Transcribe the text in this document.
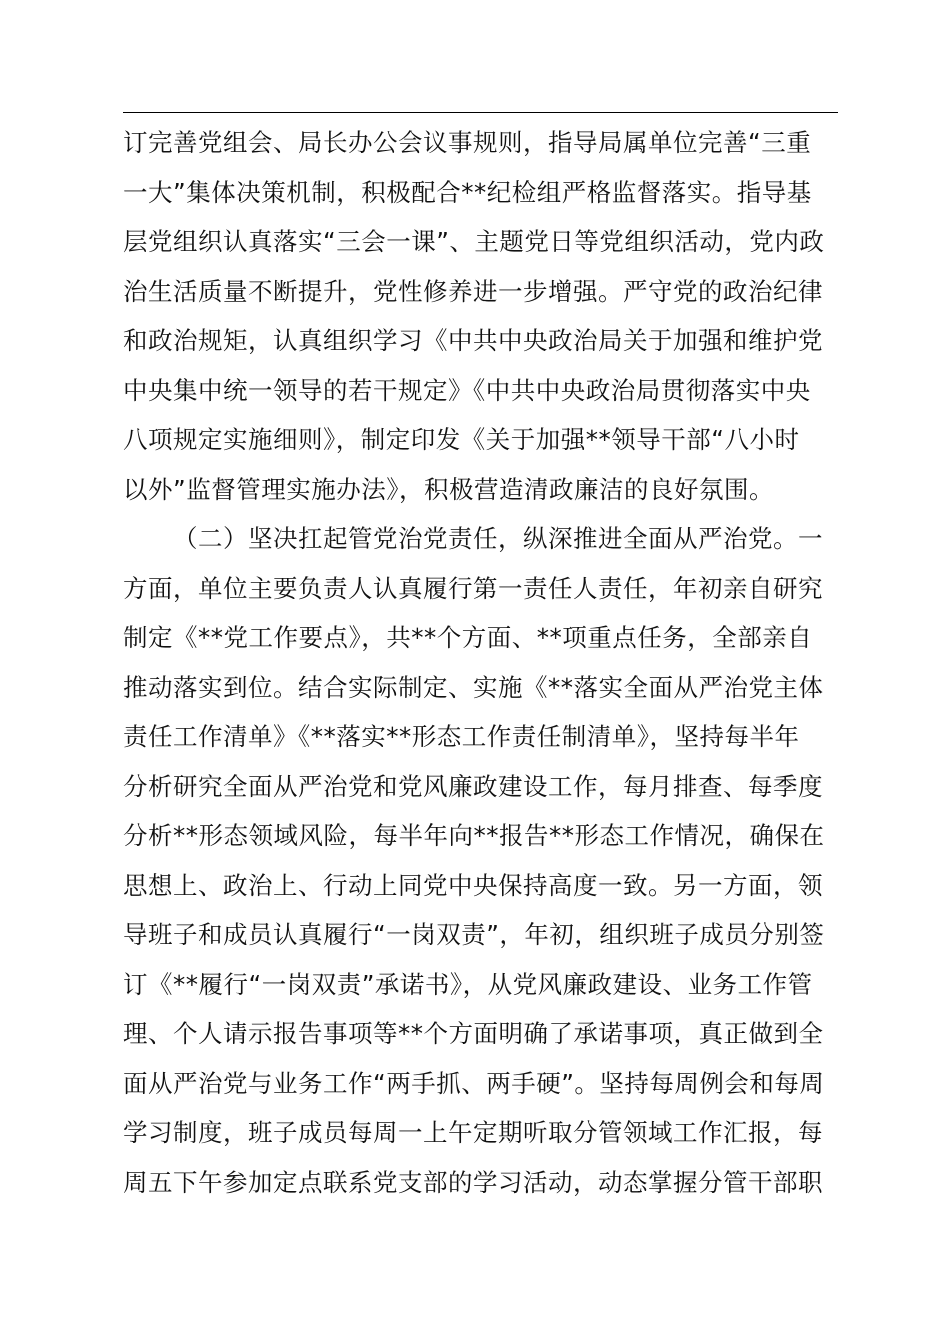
订完善党组会、局长办公会议事规则，指导局属单位完善“三重
一大”集体决策机制，积极配合**纪检组严格监督落实。指导基
层党组织认真落实“三会一课”、主题党日等党组织活动，党内政
治生活质量不断提升，党性修养进一步增强。严守党的政治纪律
和政治规矩，认真组织学习《中共中央政治局关于加强和维护党
中央集中统一领导的若干规定》《中共中央政治局贯彻落实中央
八项规定实施细则》，制定印发《关于加强**领导干部“八小时
以外”监督管理实施办法》，积极营造清政廉洁的良好氛围。
（二）坚决扛起管党治党责任，纵深推进全面从严治党。一
方面，单位主要负责人认真履行第一责任人责任，年初亲自研究
制定《**党工作要点》，共**个方面、**项重点任务，全部亲自
推动落实到位。结合实际制定、实施《**落实全面从严治党主体
责任工作清单》《**落实**形态工作责任制清单》，坚持每半年
分析研究全面从严治党和党风廉政建设工作，每月排查、每季度
分析**形态领域风险，每半年向**报告**形态工作情况，确保在
思想上、政治上、行动上同党中央保持高度一致。另一方面，领
导班子和成员认真履行“一岗双责”，年初，组织班子成员分别签
订《**履行“一岗双责”承诺书》，从党风廉政建设、业务工作管
理、个人请示报告事项等**个方面明确了承诺事项，真正做到全
面从严治党与业务工作“两手抓、两手硬”。坚持每周例会和每周
学习制度，班子成员每周一上午定期听取分管领域工作汇报，每
周五下午参加定点联系党支部的学习活动，动态掌握分管干部职
